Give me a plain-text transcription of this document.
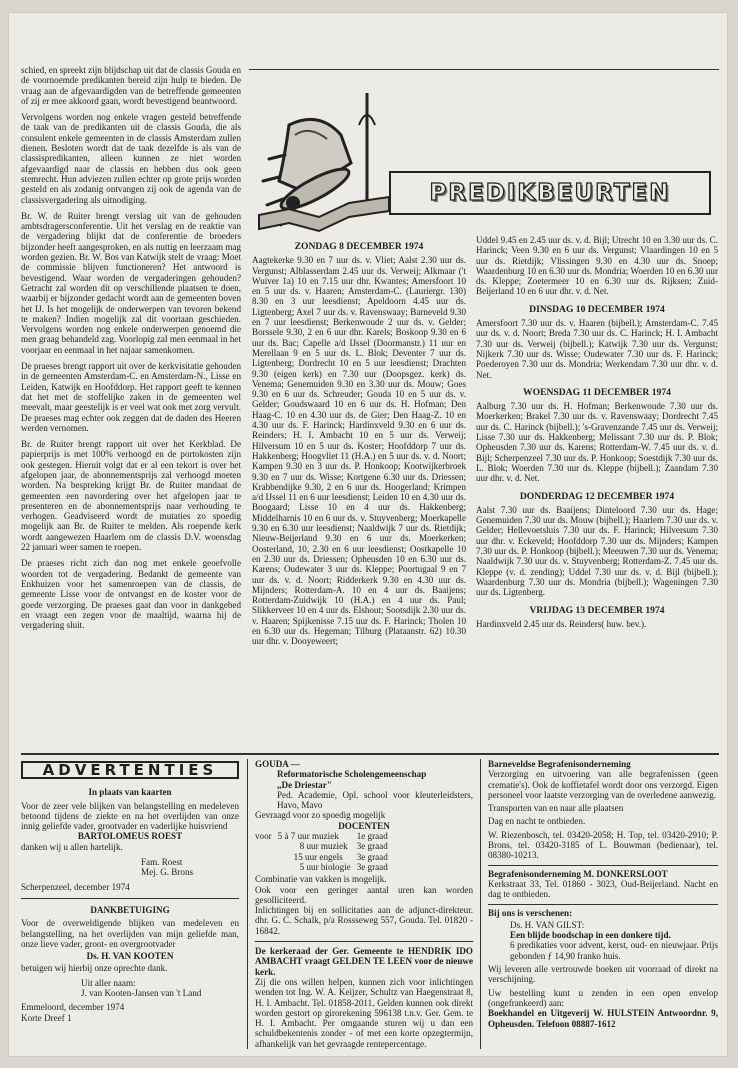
schied, en spreekt zijn blijdschap uit dat de classis Gouda en de voornoemde predikanten bereid zijn hulp te bieden. De vraag aan de afgevaardigden van de betreffende gemeenten of zij er mee akkoord gaan, wordt bevestigend beantwoord.

Vervolgens worden nog enkele vragen gesteld betreffende de taak van de predikanten uit de classis Gouda, die als consulent enkele gemeenten in de classis Amsterdam zullen dienen. Besloten wordt dat de taak dezelfde is als van de classispredikanten, alleen kunnen ze niet worden afgevaardigd naar de classis en hebben dus ook geen stemrecht. Hun adviezen zullen echter op grote prijs worden gesteld en als zodanig ontvangen zij ook de agenda van de classisvergadering als uitnodiging.

Br. W. de Ruiter brengt verslag uit van de gehouden ambtsdragersconferentie. Uit het verslag en de reaktie van de vergadering blijkt dat de conferentie de broeders bijzonder heeft aangesproken, en als nuttig en leerzaam mag worden gezien. Br. W. Bos van Katwijk stelt de vraag: Moet de commissie blijven functioneren? Het antwoord is bevestigend. Waar worden de vergaderingen gehouden? Getracht zal worden dit op verschillende plaatsen te doen, waarbij er bijzonder gedacht wordt aan de gemeenten boven het IJ. Is het mogelijk de onderwerpen van tevoren bekend te maken? Indien mogelijk zal dit voortaan geschieden. Vervolgens worden nog enkele onderwerpen genoemd die men graag behandeld zag. Voorlopig zal men eenmaal in het voorjaar en eenmaal in het najaar samenkomen.

De praeses brengt rapport uit over de kerkvisitatie gehouden in de gemeenten Amsterdam-C. en Amsterdam-N., Lisse en Leiden, Katwijk en Hoofddorp. Het rapport geeft te kennen dat het met de stoffelijke zaken in de gemeenten wel meevalt, maar geestelijk is er veel wat ook met zorg vervult. De praeses mag echter ook zeggen dat de daden des Heeren werden vernomen.

Br. de Ruiter brengt rapport uit over het Kerkblad. De papierprijs is met 100% verhoogd en de portokosten zijn ook gestegen. Hieruit volgt dat er al een tekort is over het afgelopen jaar, de abonnementsprijs zal verhoogd moeten worden. Na bespreking krijgt Br. de Ruiter mandaat de gemeenten een navordering over het afgelopen jaar te presenteren en de abonnementsprijs naar verhouding te verhogen. Geadviseerd wordt de mutaties zo spoedig mogelijk aan Br. de Ruiter te melden. Als roepende kerk wordt aangewezen Haarlem om de classis D.V. woensdag 22 januari weer samen te roepen.

De praeses richt zich dan nog met enkele geoefvolle woorden tot de vergadering. Bedankt de gemeente van Enkhuizen voor het samenroepen van de classis, de gemeente Lisse voor de ontvangst en de koster voor de goede verzorging. De praeses gaat dan voor in dankgebed en vraagt een zegen voor de maaltijd, waarna hij de vergadering sluit.

PREDIKBEURTEN
ZONDAG 8 DECEMBER 1974
Aagtekerke 9.30 en 7 uur ds. v. Vliet; Aalst 2.30 uur ds. Vergunst; Alblasserdam 2.45 uur ds. Verweij; Alkmaar ('t Wuiver 1a) 10 en 7.15 uur dhr. Kwantes; Amersfoort 10 en 5 uur ds. v. Haaren; Amsterdam-C. (Lauriergr. 130) 8.30 en 3 uur leesdienst; Apeldoorn 4.45 uur ds. Ligtenberg; Axel 7 uur ds. v. Ravenswaay; Barneveld 9.30 en 7 uur leesdienst; Berkenwoude 2 uur ds. v. Gelder; Borssele 9.30, 2 en 6 uur dhr. Karels; Boskoop 9.30 en 6 uur ds. Bac; Capelle a/d IJssel (Doormanstr.) 11 uur en Merellaan 9 en 5 uur ds. L. Blok; Deventer 7 uur ds. Ligtenberg; Dordrecht 10 en 5 uur leesdienst; Drachten 9.30 (eigen kerk) en 7.30 uur (Doopsgez. kerk) ds. Venema; Genemuiden 9.30 en 3.30 uur ds. Mouw; Goes 9.30 en 6 uur ds. Schreuder; Gouda 10 en 5 uur ds. v. Gelder; Goudswaard 10 en 6 uur ds. H. Hofman; Den Haag-C. 10 en 4.30 uur ds. de Gier; Den Haag-Z. 10 en 4.30 uur ds. F. Harinck; Hardinxveld 9.30 en 6 uur ds. Reinders; H. I. Ambacht 10 en 5 uur ds. Verweij; Hilversum 10 en 5 uur ds. Koster; Hoofddorp 7 uur ds. Hakkenberg; Hoogvliet 11 (H.A.) en 5 uur ds. v. d. Noort; Kampen 9.30 en 3 uur ds. P. Honkoop; Kootwijkerbroek 9.30 en 7 uur ds. Wisse; Kortgene 6.30 uur ds. Driessen; Krabbendijke 9.30, 2 en 6 uur ds. Hoogerland; Krimpen a/d IJssel 11 en 6 uur leesdienst; Leiden 10 en 4.30 uur ds. Boogaard; Lisse 10 en 4 uur ds. Hakkenberg; Middelharnis 10 en 6 uur ds. v. Stuyvenberg; Moerkapelle 9.30 en 6.30 uur leesdienst; Naaldwijk 7 uur ds. Rietdijk; Nieuw-Beijerland 9.30 en 6 uur ds. Moerkerken; Oosterland, 10, 2.30 en 6 uur leesdienst; Oostkapelle 10 en 2.30 uur ds. Driessen; Opheusden 10 en 6.30 uur ds. Karens; Oudewater 3 uur ds. Kleppe; Poortugaal 9 en 7 uur ds. v. d. Noort; Ridderkerk 9.30 en 4.30 uur ds. Mijnders; Rotterdam-A. 10 en 4 uur ds. Baaijens; Rotterdam-Zuidwijk 10 (H.A.) en 4 uur ds. Paul; Slikkerveer 10 en 4 uur ds. Elshout; Sootsdijk 2.30 uur ds. v. Haaren; Spijkenisse 7.15 uur ds. F. Harinck; Tholen 10 en 6.30 uur ds. Hegeman; Tilburg (Plataanstr. 62) 10.30 uur dhr. v. Dooyeweert;
Uddel 9.45 en 2.45 uur ds. v. d. Bijl; Utrecht 10 en 3.30 uur ds. C. Harinck; Veen 9.30 en 6 uur ds. Vergunst; Vlaardingen 10 en 5 uur ds. Rietdijk; Vlissingen 9.30 en 4.30 uur ds. Snoep; Waardenburg 10 en 6.30 uur ds. Mondria; Woerden 10 en 6.30 uur ds. Kleppe; Zoetermeer 10 en 6.30 uur ds. Rijksen; Zuid-Beijerland 10 en 6 uur dhr. v. d. Net.
DINSDAG 10 DECEMBER 1974
Amersfoort 7.30 uur ds. v. Haaren (bijbell.); Amsterdam-C. 7.45 uur ds. v. d. Noort; Breda 7.30 uur ds. C. Harinck; H. I. Ambacht 7.30 uur ds. Verweij (bijbell.); Katwijk 7.30 uur ds. Vergunst; Nijkerk 7.30 uur ds. Wisse; Oudewater 7.30 uur ds. F. Harinck; Poederoyen 7.30 uur ds. Mondria; Werkendam 7.30 uur dhr. v. d. Net.
WOENSDAG 11 DECEMBER 1974
Aalburg 7.30 uur ds. H. Hofman; Berkenwoude 7.30 uur ds. Moerkerken; Brakel 7.30 uur ds. v. Ravenswaay; Dordrecht 7.45 uur ds. C. Harinck (bijbell.); 's-Gravenzande 7.45 uur ds. Verweij; Lisse 7.30 uur ds. Hakkenberg; Melissant 7.30 uur ds. P. Blok; Opheusden 7.30 uur ds. Karens; Rotterdam-W. 7.45 uur ds. v. d. Bijl; Scherpenzeel 7.30 uur ds. P. Honkoop; Soestdijk 7.30 uur ds. L. Blok; Woerden 7.30 uur ds. Kleppe (bijbell.); Zaandam 7.30 uur dhr. v. d. Net.
DONDERDAG 12 DECEMBER 1974
Aalst 7.30 uur ds. Baaijens; Dinteloord 7.30 uur ds. Hage; Genemuiden 7.30 uur ds. Mouw (bijbell.); Haarlem 7.30 uur ds. v. Gelder; Hellevoetsluis 7.30 uur ds. F. Harinck; Hilversum 7.30 uur dhr. v. Eckeveld; Hoofddorp 7.30 uur ds. Mijnders; Kampen 7.30 uur ds. P. Honkoop (bijbell.); Meeuwen 7.30 uur ds. Venema; Naaldwijk 7.30 uur ds. v. Stuyvenberg; Rotterdam-Z. 7.45 uur ds. Kleppe (v. d. zending); Uddel 7.30 uur ds. v. d. Bijl (bijbell.); Waardenburg 7.30 uur ds. Mondria (bijbell.); Wageningen 7.30 uur ds. Ligtenberg.
VRIJDAG 13 DECEMBER 1974
Hardinxveld 2.45 uur ds. Reinders( huw. bev.).
ADVERTENTIES
In plaats van kaarten
Voor de zeer vele blijken van belangstelling en medeleven betoond tijdens de ziekte en na het overlijden van onze innig geliefde vader, grootvader en vaderlijke huisvriend
BARTOLOMEUS ROEST
danken wij u allen hartelijk.
Fam. Roest
Mej. G. Brons
Scherpenzeel, december 1974
DANKBETUIGING
Voor de overweldigende blijken van medeleven en belangstelling, na het overlijden van mijn geliefde man, onze lieve vader, groot- en overgrootvader
Ds. H. VAN KOOTEN
betuigen wij hierbij onze oprechte dank.
Uit aller naam:
J. van Kooten-Jansen van 't Land
Emmeloord, december 1974
Korte Dreef 1
GOUDA —
Reformatorische Scholengemeenschap
„De Driestar"
Ped. Academie, Opl. school voor kleuterleidsters, Havo, Mavo
Gevraagd voor zo spoedig mogelijk
DOCENTEN
voor	5 à 7 uur muziek	1e graad
	8 uur muziek	3e graad
	15 uur engels	3e graad
	5 uur biologie	3e graad
Combinatie van vakken is mogelijk.
Ook voor een geringer aantal uren kan worden gesolliciteerd.
Inlichtingen bij en sollicitaties aan de adjunct-direkteur. dhr. G. C. Schalk, p/a Rossseweg 557, Gouda. Tel. 01820 - 16842.
De kerkeraad der Ger. Gemeente te HENDRIK IDO AMBACHT vraagt GELDEN TE LEEN voor de nieuwe kerk.
Zij die ons willen helpen, kunnen zich voor inlichtingen wenden tot Ing. W. A. Keijzer, Schultz van Haegenstraat 8, H. I. Ambacht. Tel. 01858-2011. Gelden kunnen ook direkt worden gestort op girorekening 596138 t.n.v. Ger. Gem. te H. I. Ambacht. Per omgaande sturen wij u dan een schuldbekentenis zonder - of met een korte opzegtermijn, afhankelijk van het gevraagde rentepercentage.
Barneveldse Begrafenisonderneming
Verzorging en uitvoering van alle begrafenissen (geen crematie's). Ook de koffietafel wordt door ons verzorgd. Eigen personeel voor laatste verzorging van de overledene aanwezig.
Transporten van en naar alle plaatsen
Dag en nacht te ontbieden.
W. Riezenbosch, tel. 03420-2058; H. Top, tel. 03420-2910; P. Brons, tel. 03420-3185 of L. Bouwman (bedienaar), tel. 08380-10213.
Begrafenisonderneming M. DONKERSLOOT
Kerkstraat 33, Tel. 01860 - 3023, Oud-Beijerland. Nacht en dag te ontbieden.
Bij ons is verschenen:
Ds. H. VAN GILST:
Een blijde boodschap in een donkere tijd.
6 predikaties voor advent, kerst, oud- en nieuwjaar. Prijs gebonden ƒ 14,90 franko huis.
Wij leveren alle vertrouwde boeken uit voorraad of direkt na verschijning.
Uw bestelling kunt u zenden in een open envelop (ongefrankeerd) aan:
Boekhandel en Uitgeverij W. HULSTEIN Antwoordnr. 9, Opheusden. Telefoon 08887-1612
